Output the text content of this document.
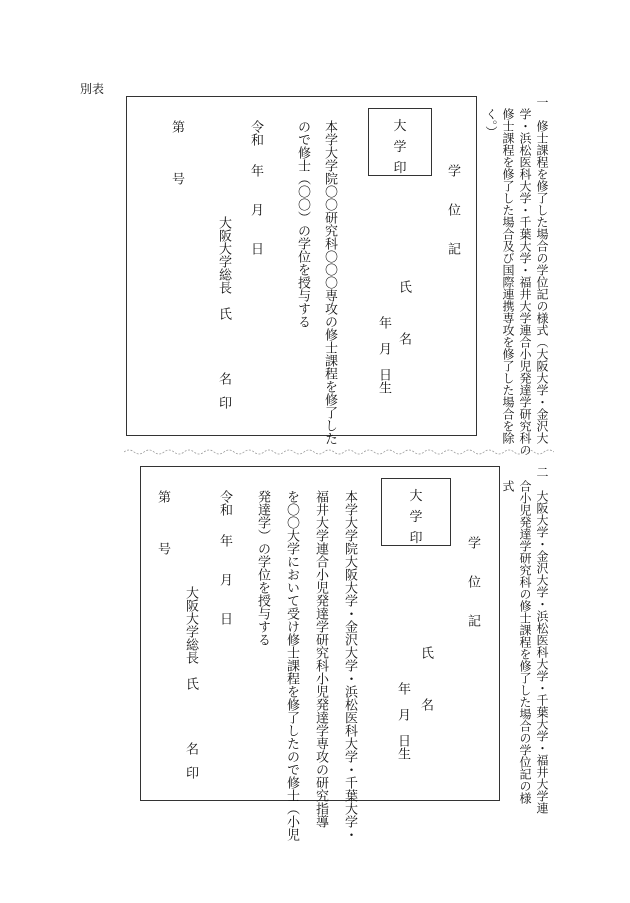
別表
一　修士課程を修了した場合の学位記の様式（大阪大学・金沢大
学・浜松医科大学・千葉大学・福井大学連合小児発達学研究科の
修士課程を修了した場合及び国際連携専攻を修了した場合を除
く。）
大
学
印	学　　位　　記
氏　　　名
年　月　日生
本学大学院〇〇研究科〇〇〇専攻の修士課程を修了した
ので修士（〇〇）の学位を授与する
令和
年　　月　　日
大阪大学総長　氏　　　　名
印
第　　　号
二　大阪大学・金沢大学・浜松医科大学・千葉大学・福井大学連
合小児発達学研究科の修士課程を修了した場合の学位記の様
式
大
学
印	学　　位　　記
氏　　　名
年　月　日生
本学大学院大阪大学・金沢大学・浜松医科大学・千葉大学・
福井大学連合小児発達学研究科小児発達学専攻の研究指導
を〇〇大学において受け修士課程を修了したので修士（小児
発達学）の学位を授与する
令和
年　　月　　日
大阪大学総長　氏　　　　名
印
第　　　号
